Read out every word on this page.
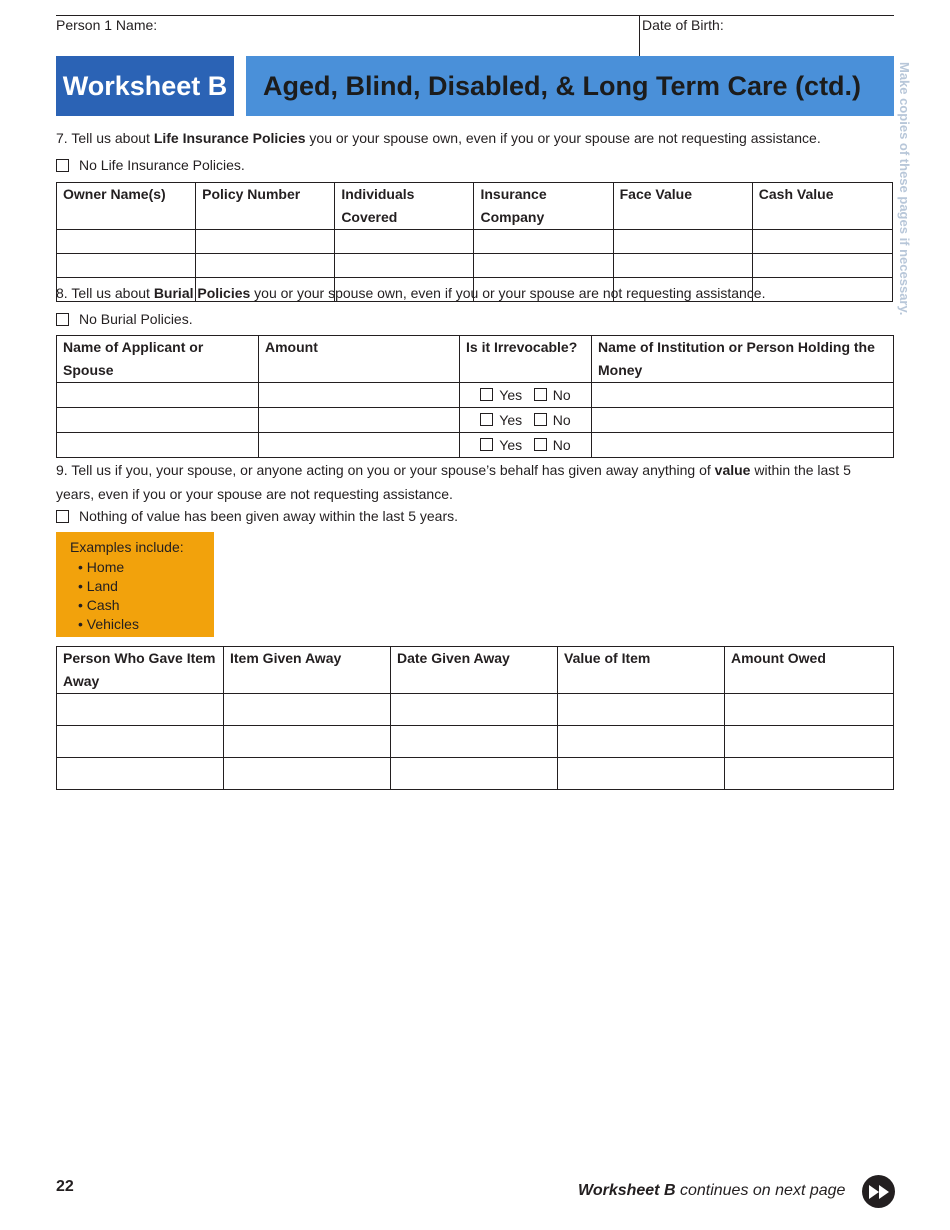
Person 1 Name:	Date of Birth:
Worksheet B	Aged, Blind, Disabled, & Long Term Care (ctd.)	Make copies of these pages if necessary.
7. Tell us about Life Insurance Policies you or your spouse own, even if you or your spouse are not requesting assistance.
No Life Insurance Policies.
Owner Name(s)	Policy Number	Individuals Covered	Insurance Company	Face Value	Cash Value

8. Tell us about Burial Policies you or your spouse own, even if you or your spouse are not requesting assistance.
No Burial Policies.
Name of Applicant or Spouse	Amount	Is it Irrevocable?	Name of Institution or Person Holding the Money
		Yes No	
		Yes No	
		Yes No	
9. Tell us if you, your spouse, or anyone acting on you or your spouse’s behalf has given away anything of value within the last 5 years, even if you or your spouse are not requesting assistance.
Nothing of value has been given away within the last 5 years.
Examples include:
• Home
• Land
• Cash
• Vehicles
Person Who Gave Item Away	Item Given Away	Date Given Away	Value of Item	Amount Owed

22	Worksheet B continues on next page
